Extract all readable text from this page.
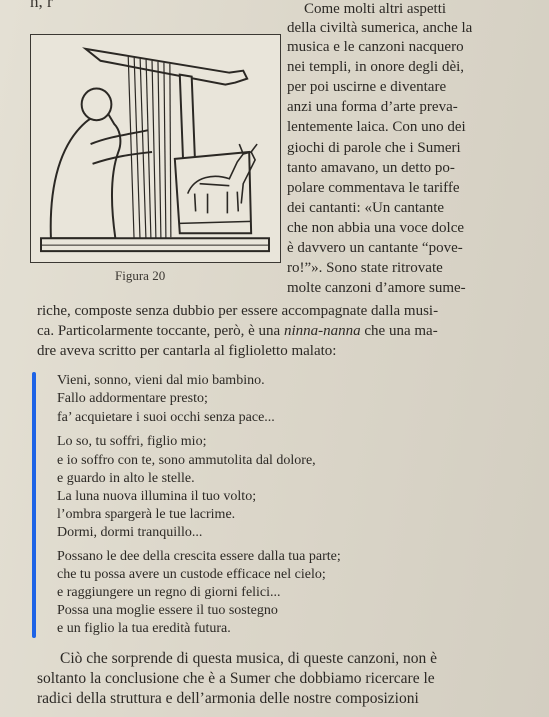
n, r
Figura 20
Come molti altri aspetti
della civiltà sumerica, anche la
musica e le canzoni nacquero
nei templi, in onore degli dèi,
per poi uscirne e diventare
anzi una forma d’arte preva-
lentemente laica. Con uno dei
giochi di parole che i Sumeri
tanto amavano, un detto po-
polare commentava le tariffe
dei cantanti: «Un cantante
che non abbia una voce dolce
è davvero un cantante “pove-
ro!”». Sono state ritrovate
molte canzoni d’amore sume-
riche, composte senza dubbio per essere accompagnate dalla musi-
ca. Particolarmente toccante, però, è una ninna-nanna che una ma-
dre aveva scritto per cantarla al figlioletto malato:
Vieni, sonno, vieni dal mio bambino.
Fallo addormentare presto;
fa’ acquietare i suoi occhi senza pace...
Lo so, tu soffri, figlio mio;
e io soffro con te, sono ammutolita dal dolore,
e guardo in alto le stelle.
La luna nuova illumina il tuo volto;
l’ombra spargerà le tue lacrime.
Dormi, dormi tranquillo...
Possano le dee della crescita essere dalla tua parte;
che tu possa avere un custode efficace nel cielo;
e raggiungere un regno di giorni felici...
Possa una moglie essere il tuo sostegno
e un figlio la tua eredità futura.
Ciò che sorprende di questa musica, di queste canzoni, non è
soltanto la conclusione che è a Sumer che dobbiamo ricercare le
radici della struttura e dell’armonia delle nostre composizioni
